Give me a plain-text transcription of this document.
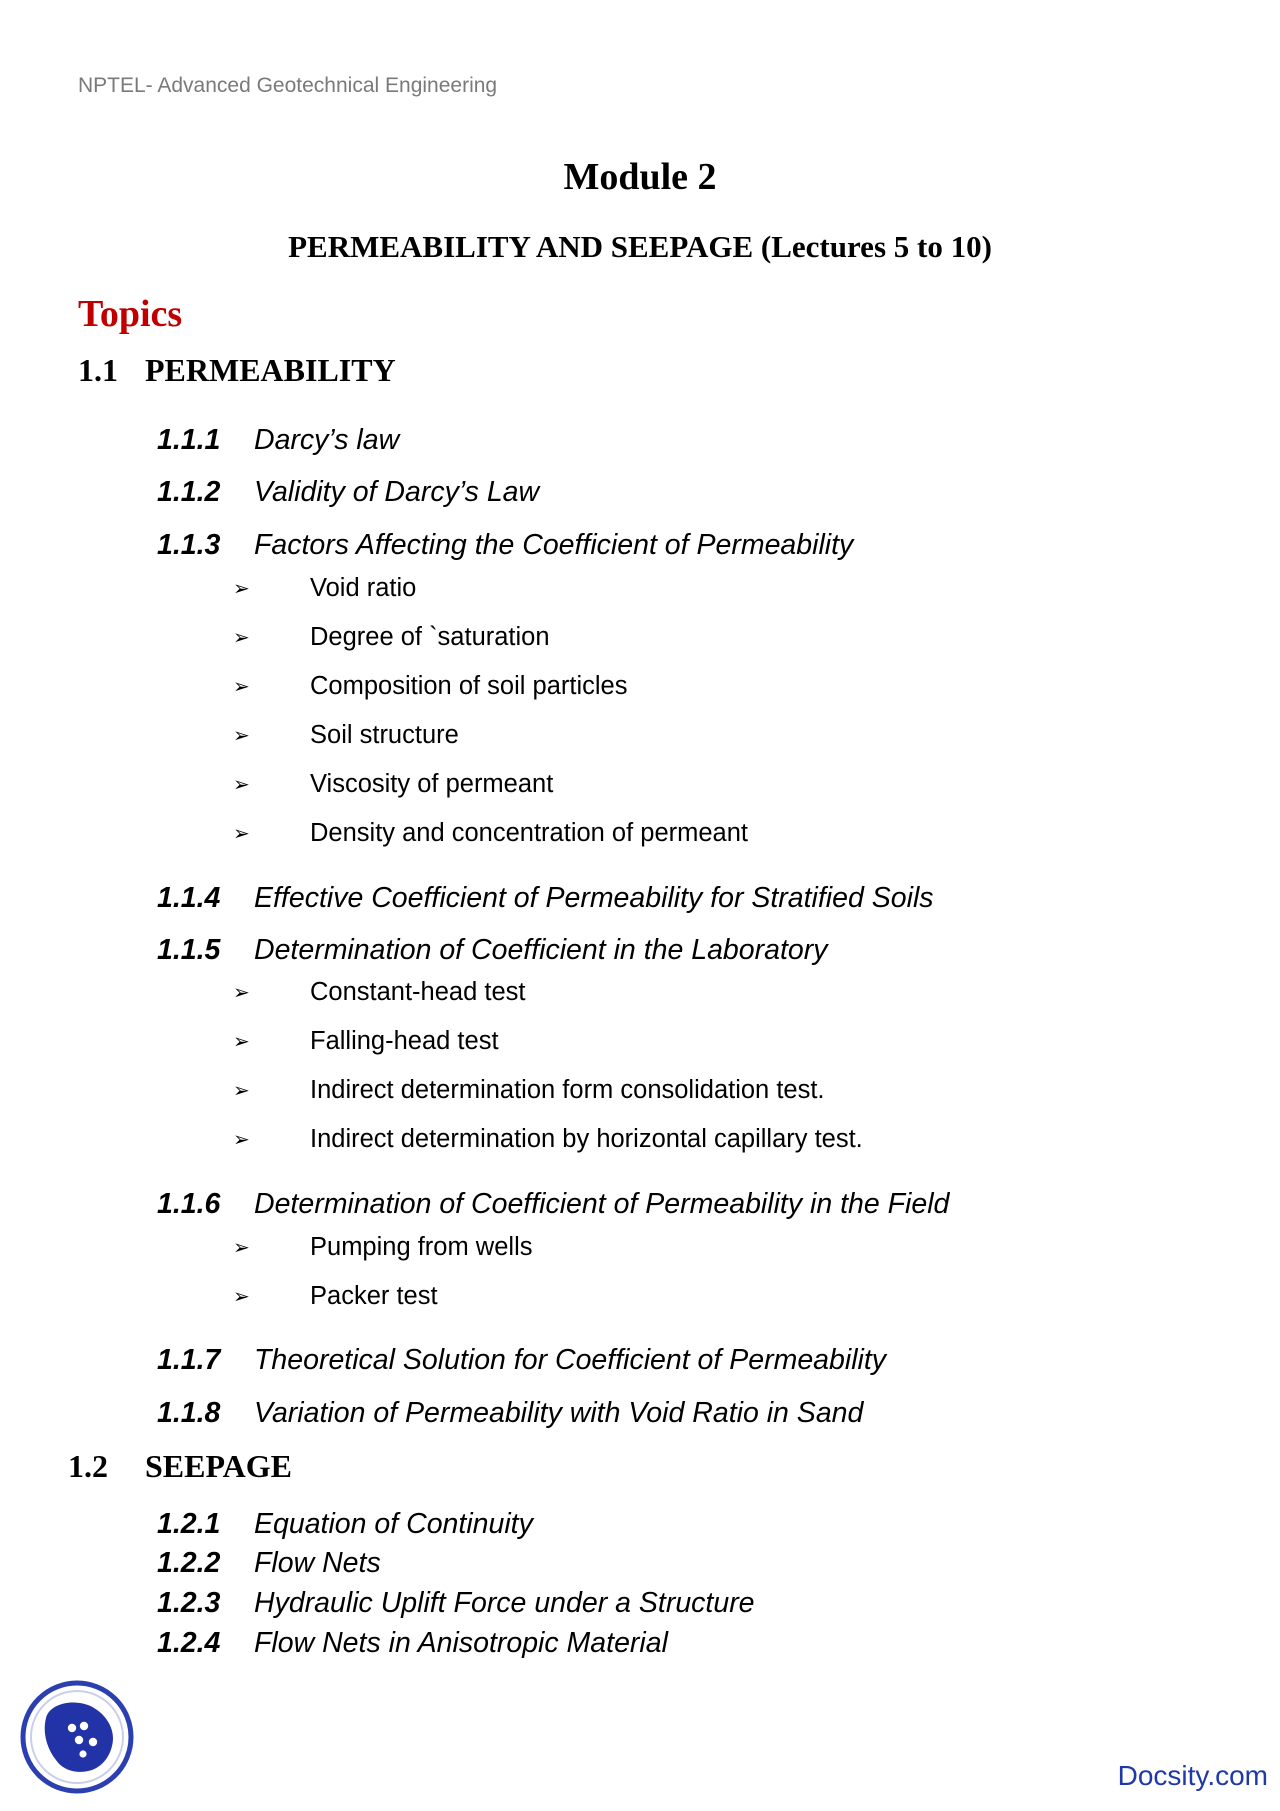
NPTEL- Advanced Geotechnical Engineering
Module 2
PERMEABILITY AND SEEPAGE (Lectures 5 to 10)
Topics
1.1 PERMEABILITY
1.1.1 Darcy’s law
1.1.2 Validity of Darcy’s Law
1.1.3 Factors Affecting the Coefficient of Permeability
➢ Void ratio
➢ Degree of `saturation
➢ Composition of soil particles
➢ Soil structure
➢ Viscosity of permeant
➢ Density and concentration of permeant
1.1.4 Effective Coefficient of Permeability for Stratified Soils
1.1.5 Determination of Coefficient in the Laboratory
➢ Constant-head test
➢ Falling-head test
➢ Indirect determination form consolidation test.
➢ Indirect determination by horizontal capillary test.
1.1.6 Determination of Coefficient of Permeability in the Field
➢ Pumping from wells
➢ Packer test
1.1.7 Theoretical Solution for Coefficient of Permeability
1.1.8 Variation of Permeability with Void Ratio in Sand
1.2 SEEPAGE
1.2.1 Equation of Continuity
1.2.2 Flow Nets
1.2.3 Hydraulic Uplift Force under a Structure
1.2.4 Flow Nets in Anisotropic Material
Docsity.com
